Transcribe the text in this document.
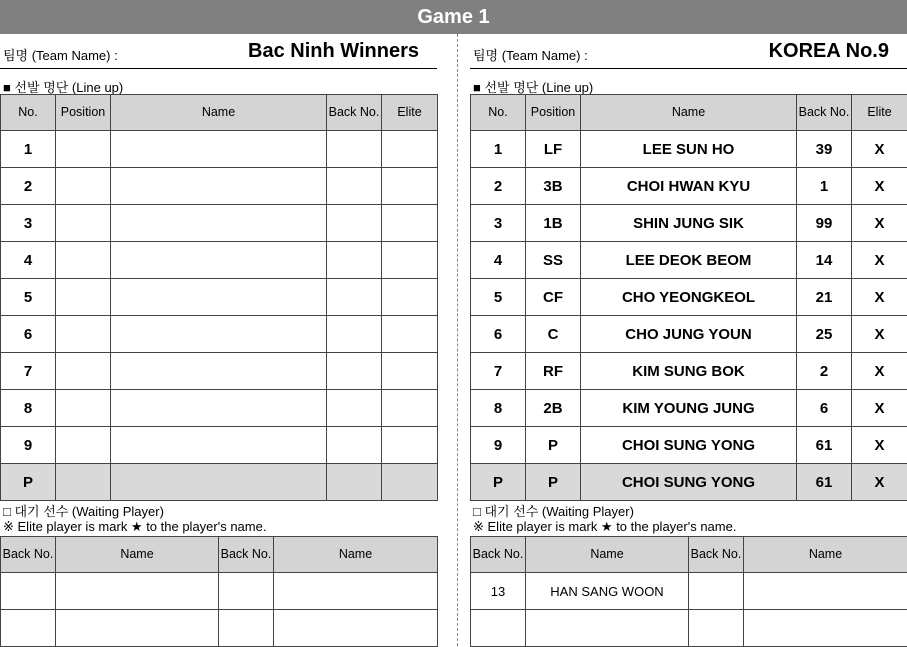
Game 1
팀명 (Team Name) :	Bac Ninh Winners
■ 선발 명단 (Line up)
No.	Position	Name	Back No.	Elite
1				
2				
3				
4				
5				
6				
7				
8				
9				
P				
□ 대기 선수 (Waiting Player)
※ Elite player is mark ★ to the player's name.
Back No.	Name	Back No.	Name

팀명 (Team Name) :	KOREA No.9
■ 선발 명단 (Line up)
No.	Position	Name	Back No.	Elite
1	LF	LEE SUN HO	39	X
2	3B	CHOI HWAN KYU	1	X
3	1B	SHIN JUNG SIK	99	X
4	SS	LEE DEOK BEOM	14	X
5	CF	CHO YEONGKEOL	21	X
6	C	CHO JUNG YOUN	25	X
7	RF	KIM SUNG BOK	2	X
8	2B	KIM YOUNG JUNG	6	X
9	P	CHOI SUNG YONG	61	X
P	P	CHOI SUNG YONG	61	X
□ 대기 선수 (Waiting Player)
※ Elite player is mark ★ to the player's name.
Back No.	Name	Back No.	Name
13	HAN SANG WOON		
